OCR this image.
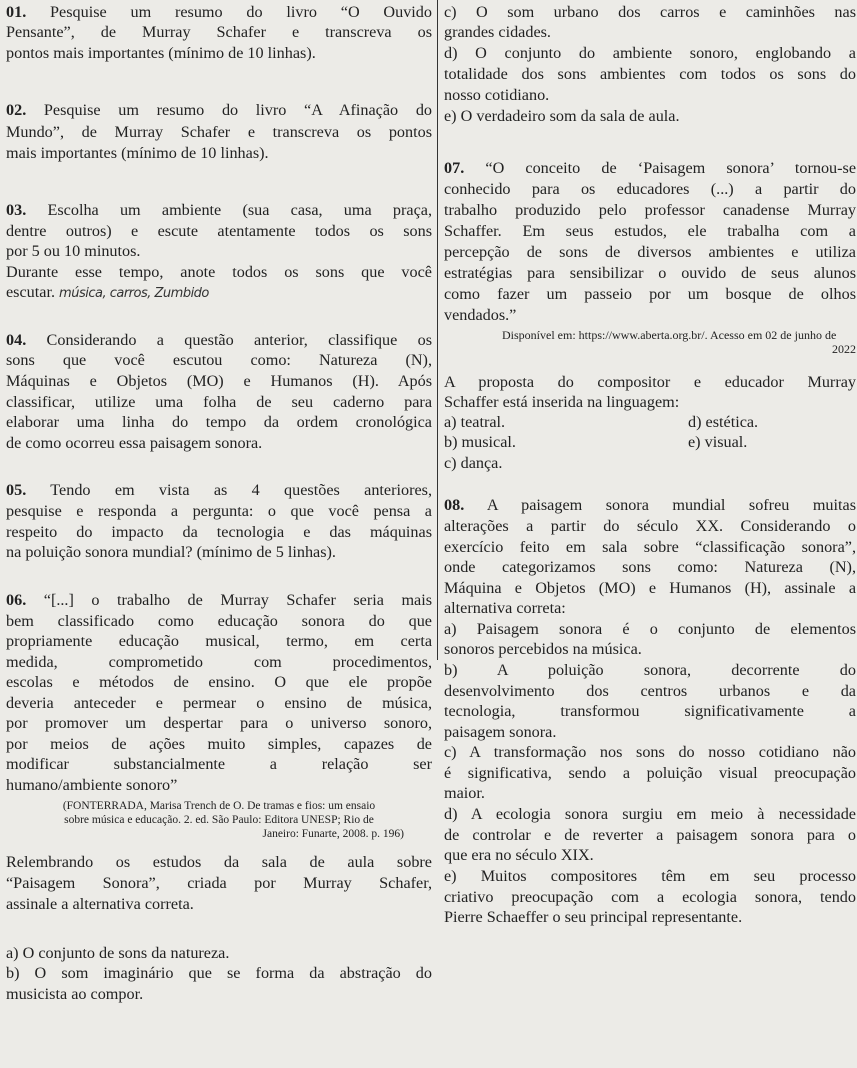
01. Pesquise um resumo do livro “O Ouvido
Pensante”, de Murray Schafer e transcreva os
pontos mais importantes (mínimo de 10 linhas).
02. Pesquise um resumo do livro “A Afinação do
Mundo”, de Murray Schafer e transcreva os pontos
mais importantes (mínimo de 10 linhas).
03. Escolha um ambiente (sua casa, uma praça,
dentre outros) e escute atentamente todos os sons
por 5 ou 10 minutos.
Durante esse tempo, anote todos os sons que você
escutar. música, carros, Zumbido
04. Considerando a questão anterior, classifique os
sons que você escutou como: Natureza (N),
Máquinas e Objetos (MO) e Humanos (H). Após
classificar, utilize uma folha de seu caderno para
elaborar uma linha do tempo da ordem cronológica
de como ocorreu essa paisagem sonora.
05. Tendo em vista as 4 questões anteriores,
pesquise e responda a pergunta: o que você pensa a
respeito do impacto da tecnologia e das máquinas
na poluição sonora mundial? (mínimo de 5 linhas).
06. “[...] o trabalho de Murray Schafer seria mais
bem classificado como educação sonora do que
propriamente educação musical, termo, em certa
medida, comprometido com procedimentos,
escolas e métodos de ensino. O que ele propõe
deveria anteceder e permear o ensino de música,
por promover um despertar para o universo sonoro,
por meios de ações muito simples, capazes de
modificar substancialmente a relação ser
humano/ambiente sonoro”
(FONTERRADA, Marisa Trench de O. De tramas e fios: um ensaio
sobre música e educação. 2. ed. São Paulo: Editora UNESP; Rio de
Janeiro: Funarte, 2008. p. 196)
Relembrando os estudos da sala de aula sobre
“Paisagem Sonora”, criada por Murray Schafer,
assinale a alternativa correta.
a) O conjunto de sons da natureza.
b) O som imaginário que se forma da abstração do
musicista ao compor.
c) O som urbano dos carros e caminhões nas
grandes cidades.
d) O conjunto do ambiente sonoro, englobando a
totalidade dos sons ambientes com todos os sons do
nosso cotidiano.
e) O verdadeiro som da sala de aula.
07. “O conceito de ‘Paisagem sonora’ tornou-se
conhecido para os educadores (...) a partir do
trabalho produzido pelo professor canadense Murray
Schaffer. Em seus estudos, ele trabalha com a
percepção de sons de diversos ambientes e utiliza
estratégias para sensibilizar o ouvido de seus alunos
como fazer um passeio por um bosque de olhos
vendados.”
Disponível em: https://www.aberta.org.br/. Acesso em 02 de junho de
2022
A proposta do compositor e educador Murray
Schaffer está inserida na linguagem:
a) teatral.	d) estética.
b) musical.	e) visual.
c) dança.
08. A paisagem sonora mundial sofreu muitas
alterações a partir do século XX. Considerando o
exercício feito em sala sobre “classificação sonora”,
onde categorizamos sons como: Natureza (N),
Máquina e Objetos (MO) e Humanos (H), assinale a
alternativa correta:
a) Paisagem sonora é o conjunto de elementos
sonoros percebidos na música.
b) A poluição sonora, decorrente do
desenvolvimento dos centros urbanos e da
tecnologia, transformou significativamente a
paisagem sonora.
c) A transformação nos sons do nosso cotidiano não
é significativa, sendo a poluição visual preocupação
maior.
d) A ecologia sonora surgiu em meio à necessidade
de controlar e de reverter a paisagem sonora para o
que era no século XIX.
e) Muitos compositores têm em seu processo
criativo preocupação com a ecologia sonora, tendo
Pierre Schaeffer o seu principal representante.
